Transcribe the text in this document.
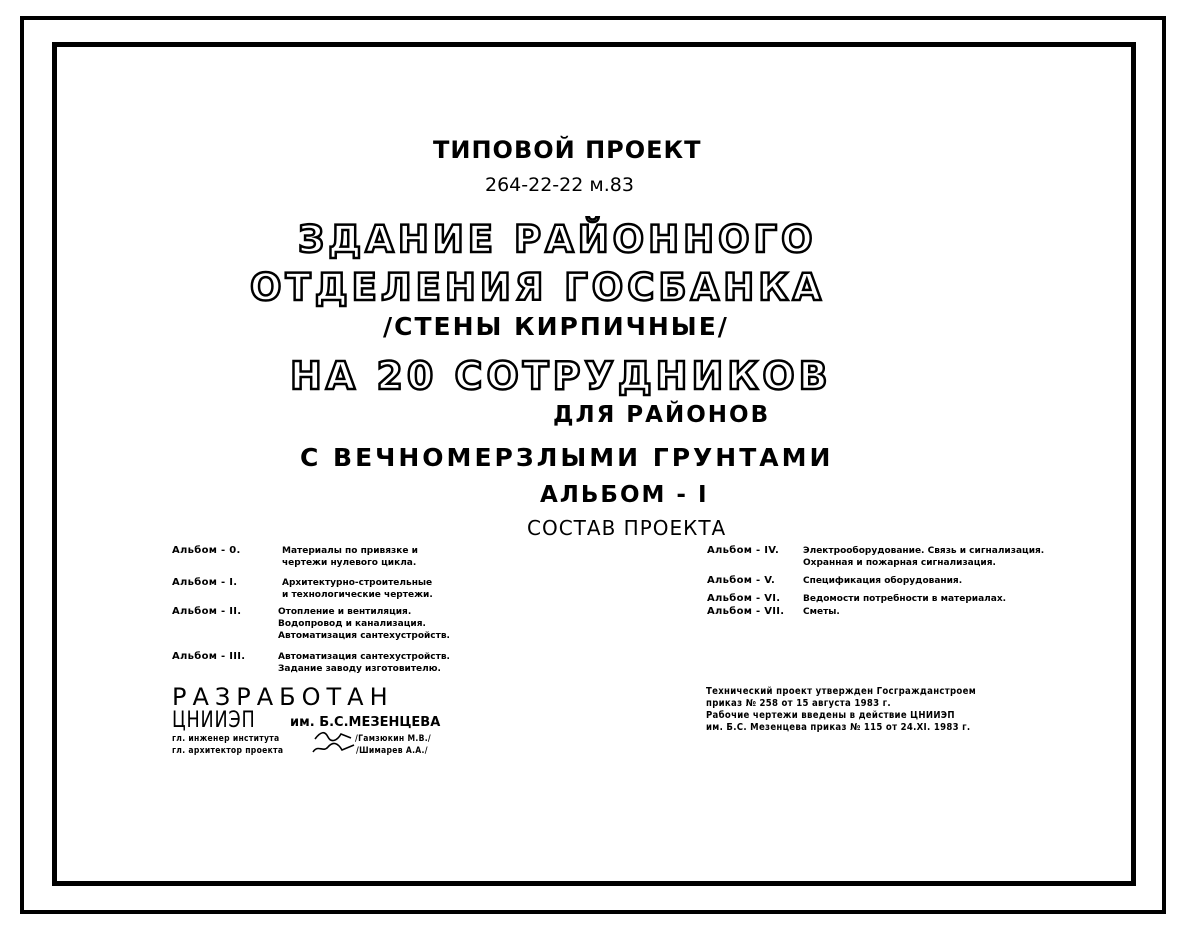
ТИПОВОЙ ПРОЕКТ
264-22-22 м.83
ЗДАНИЕ РАЙОННОГО
ОТДЕЛЕНИЯ ГОСБАНКА
/СТЕНЫ КИРПИЧНЫЕ/
НА 20 СОТРУДНИКОВ
ДЛЯ РАЙОНОВ
С ВЕЧНОМЕРЗЛЫМИ ГРУНТАМИ
АЛЬБОМ - I
СОСТАВ ПРОЕКТА
Альбом - 0.	Материалы по привязке и
чертежи нулевого цикла.
Альбом - I.	Архитектурно-строительные
и технологические чертежи.
Альбом - II.	Отопление и вентиляция.
Водопровод и канализация.
Автоматизация сантехустройств.
Альбом - III.	Автоматизация сантехустройств.
Задание заводу изготовителю.
Альбом - IV.	Электрооборудование. Связь и сигнализация.
Охранная и пожарная сигнализация.
Альбом - V.	Спецификация оборудования.
Альбом - VI.	Ведомости потребности в материалах.
Альбом - VII. Сметы.
РАЗРАБОТАН
ЦНИИЭП	им. Б.С.МЕЗЕНЦЕВА
гл. инженер института	/Гамзюкин М.В./
гл. архитектор проекта	/Шимарев А.А./
Технический проект утвержден Госгражданстроем
приказ № 258 от 15 августа 1983 г.
Рабочие чертежи введены в действие ЦНИИЭП
им. Б.С. Мезенцева приказ № 115 от 24.XI. 1983 г.
